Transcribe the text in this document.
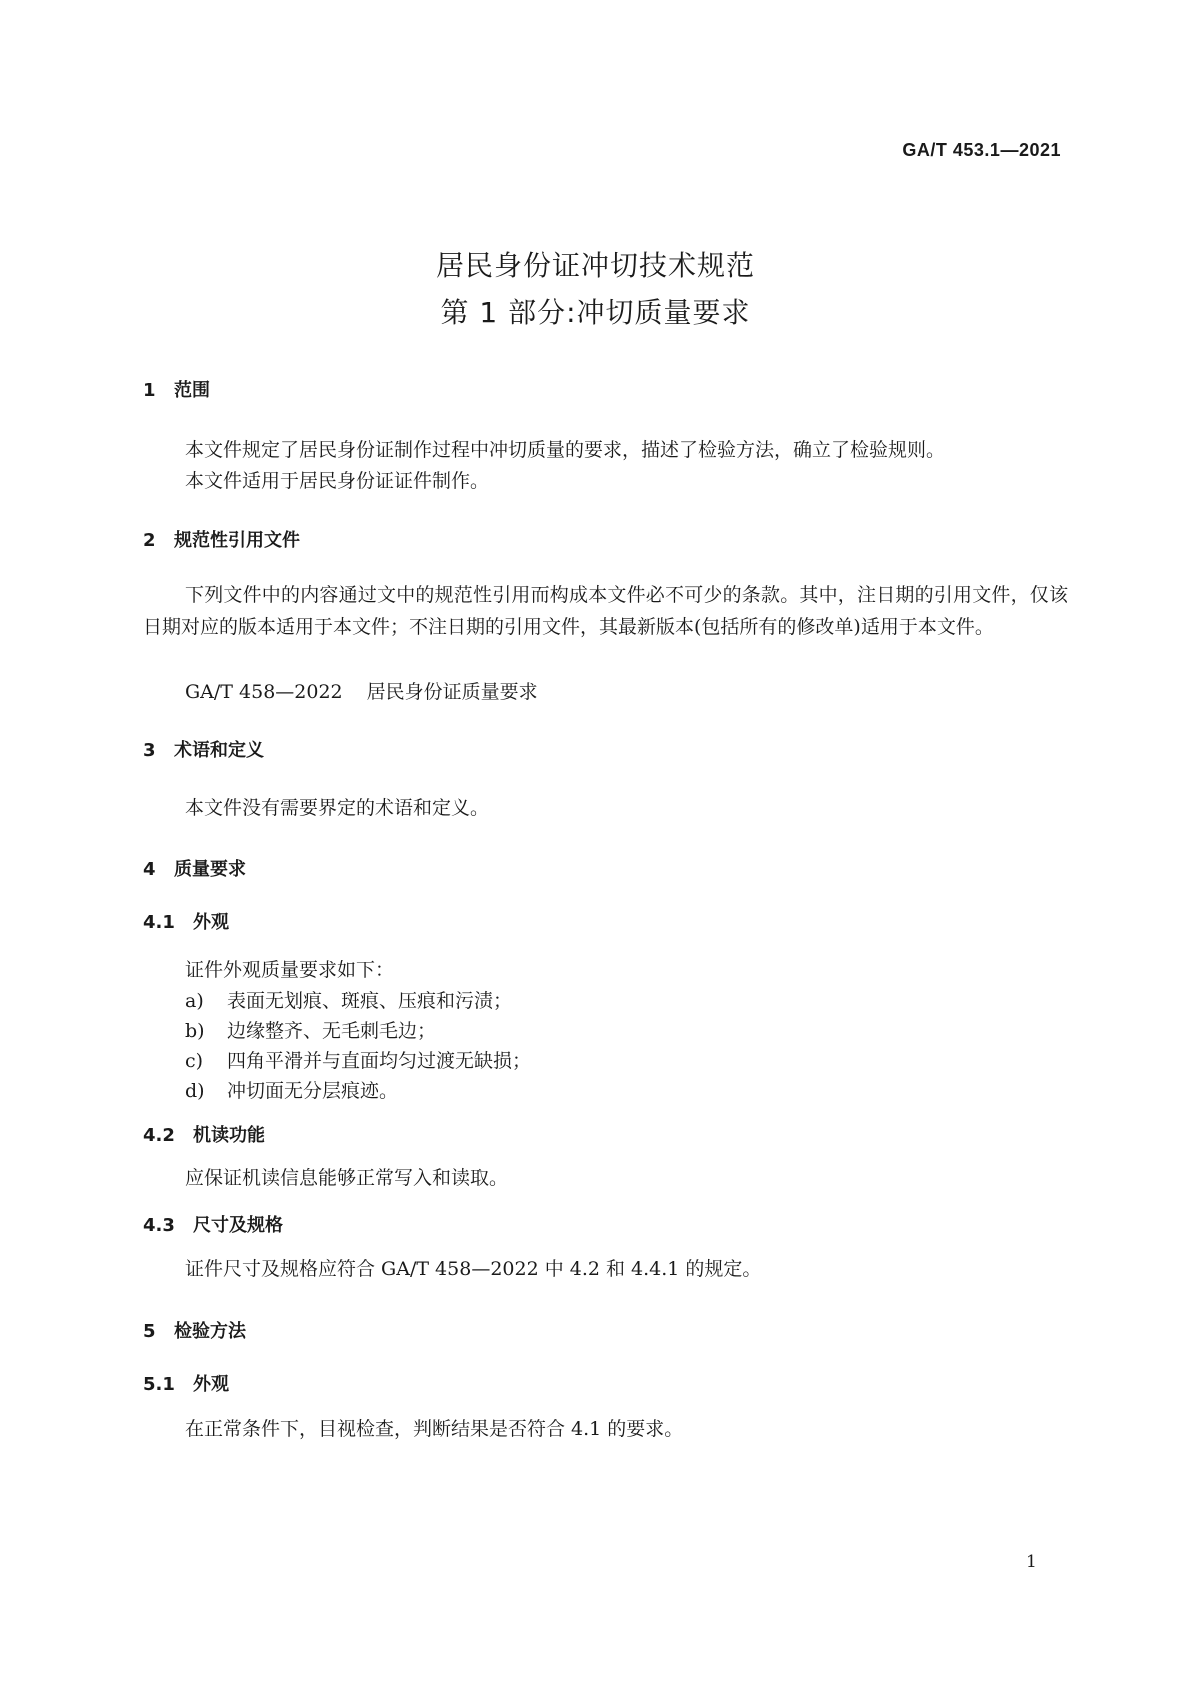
GA/T 453.1—2021
居民身份证冲切技术规范
第 1 部分:冲切质量要求
1 范围
本文件规定了居民身份证制作过程中冲切质量的要求，描述了检验方法，确立了检验规则。
本文件适用于居民身份证证件制作。
2 规范性引用文件
下列文件中的内容通过文中的规范性引用而构成本文件必不可少的条款。其中，注日期的引用文件，仅该日期对应的版本适用于本文件；不注日期的引用文件，其最新版本(包括所有的修改单)适用于本文件。
GA/T 458—2022 居民身份证质量要求
3 术语和定义
本文件没有需要界定的术语和定义。
4 质量要求
4.1 外观
证件外观质量要求如下：
a) 表面无划痕、斑痕、压痕和污渍；
b) 边缘整齐、无毛刺毛边；
c) 四角平滑并与直面均匀过渡无缺损；
d) 冲切面无分层痕迹。
4.2 机读功能
应保证机读信息能够正常写入和读取。
4.3 尺寸及规格
证件尺寸及规格应符合 GA/T 458—2022 中 4.2 和 4.4.1 的规定。
5 检验方法
5.1 外观
在正常条件下，目视检查，判断结果是否符合 4.1 的要求。
1
